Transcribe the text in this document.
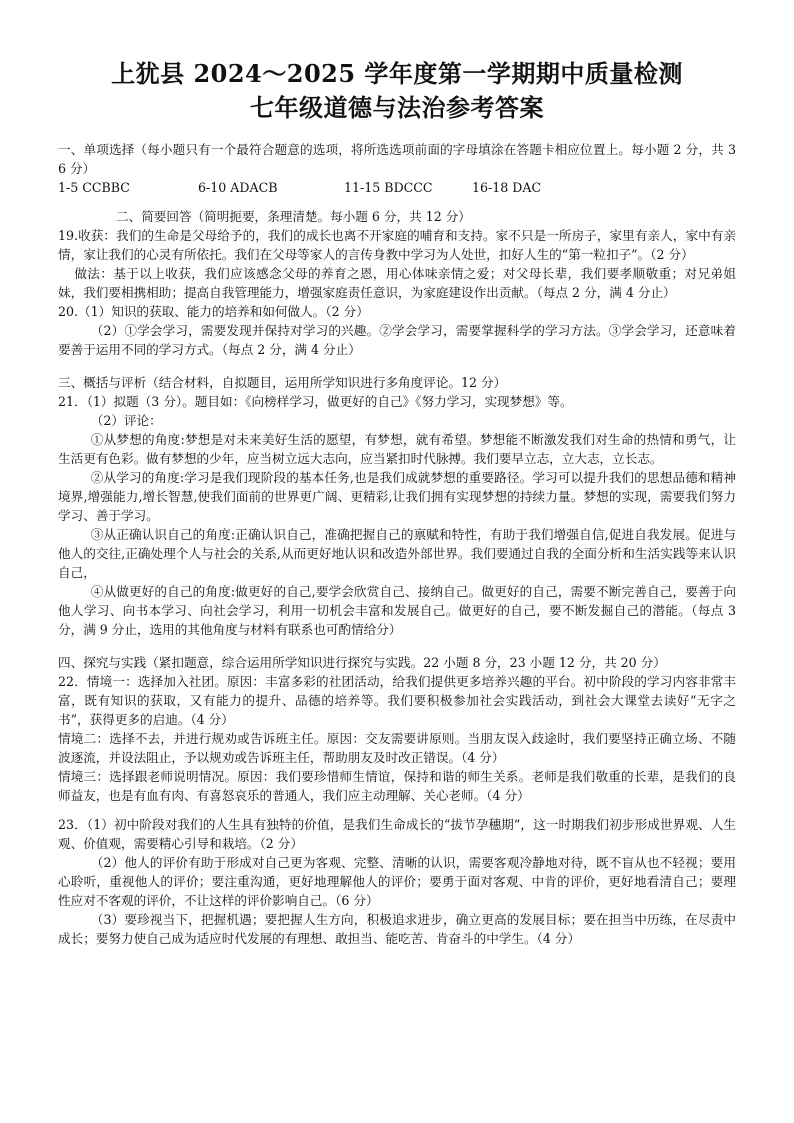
上犹县 2024～2025 学年度第一学期期中质量检测
七年级道德与法治参考答案

一、单项选择（每小题只有一个最符合题意的选项，将所选选项前面的字母填涂在答题卡相应位置上。每小题 2 分，共 36 分）

1-5 CCBBC	6-10 ADACB	11-15 BDCCC	16-18 DAC

二、简要回答（简明扼要，条理清楚。每小题 6 分，共 12 分）

19.收获：我们的生命是父母给予的，我们的成长也离不开家庭的哺育和支持。家不只是一所房子，家里有亲人，家中有亲情，家让我们的心灵有所依托。我们在父母等家人的言传身教中学习为人处世，扣好人生的“第一粒扣子”。（2 分）

做法：基于以上收获，我们应该感念父母的养育之恩，用心体味亲情之爱；对父母长辈，我们要孝顺敬重；对兄弟姐妹，我们要相携相助；提高自我管理能力，增强家庭责任意识，为家庭建设作出贡献。（每点 2 分，满 4 分止）

20.（1）知识的获取、能力的培养和如何做人。（2 分）

（2）①学会学习，需要发现并保持对学习的兴趣。②学会学习，需要掌握科学的学习方法。③学会学习，还意味着要善于运用不同的学习方式。（每点 2 分，满 4 分止）

三、概括与评析（结合材料，自拟题目，运用所学知识进行多角度评论。12 分）

21．（1）拟题（3 分）。题目如：《向榜样学习，做更好的自己》《努力学习，实现梦想》等。

（2）评论：

①从梦想的角度:梦想是对未来美好生活的愿望，有梦想，就有希望。梦想能不断激发我们对生命的热情和勇气，让生活更有色彩。做有梦想的少年，应当树立远大志向，应当紧扣时代脉搏。我们要早立志，立大志，立长志。

②从学习的角度:学习是我们现阶段的基本任务,也是我们成就梦想的重要路径。学习可以提升我们的思想品德和精神境界,增强能力,增长智慧,使我们面前的世界更广阔、更精彩,让我们拥有实现梦想的持续力量。梦想的实现，需要我们努力学习、善于学习。

③从正确认识自己的角度:正确认识自己，准确把握自己的禀赋和特性，有助于我们增强自信,促进自我发展。促进与他人的交往,正确处理个人与社会的关系,从而更好地认识和改造外部世界。我们要通过自我的全面分析和生活实践等来认识自己，

④从做更好的自己的角度:做更好的自己,要学会欣赏自己、接纳自己。做更好的自己，需要不断完善自己，要善于向他人学习、向书本学习、向社会学习，利用一切机会丰富和发展自己。做更好的自己，要不断发掘自己的潜能。（每点 3 分，满 9 分止，选用的其他角度与材料有联系也可酌情给分）

四、探究与实践（紧扣题意，综合运用所学知识进行探究与实践。22 小题 8 分，23 小题 12 分，共 20 分）

22．情境一：选择加入社团。原因：丰富多彩的社团活动，给我们提供更多培养兴趣的平台。初中阶段的学习内容非常丰富，既有知识的获取，又有能力的提升、品德的培养等。我们要积极参加社会实践活动，到社会大课堂去读好“无字之书”，获得更多的启迪。（4 分）

情境二：选择不去，并进行规劝或告诉班主任。原因：交友需要讲原则。当朋友误入歧途时，我们要坚持正确立场、不随波逐流，并设法阻止，予以规劝或告诉班主任，帮助朋友及时改正错误。（4 分）

情境三：选择跟老师说明情况。原因：我们要珍惜师生情谊，保持和谐的师生关系。老师是我们敬重的长辈，是我们的良师益友，也是有血有肉、有喜怒哀乐的普通人，我们应主动理解、关心老师。（4 分）

23．（1）初中阶段对我们的人生具有独特的价值，是我们生命成长的“拔节孕穗期”，这一时期我们初步形成世界观、人生观、价值观，需要精心引导和栽培。（2 分）

（2）他人的评价有助于形成对自己更为客观、完整、清晰的认识，需要客观冷静地对待，既不盲从也不轻视；要用心聆听，重视他人的评价；要注重沟通，更好地理解他人的评价；要勇于面对客观、中肯的评价，更好地看清自己；要理性应对不客观的评价，不让这样的评价影响自己。（6 分）

（3）要珍视当下，把握机遇；要把握人生方向，积极追求进步，确立更高的发展目标；要在担当中历练，在尽责中成长；要努力使自己成为适应时代发展的有理想、敢担当、能吃苦、肯奋斗的中学生。（4 分）
